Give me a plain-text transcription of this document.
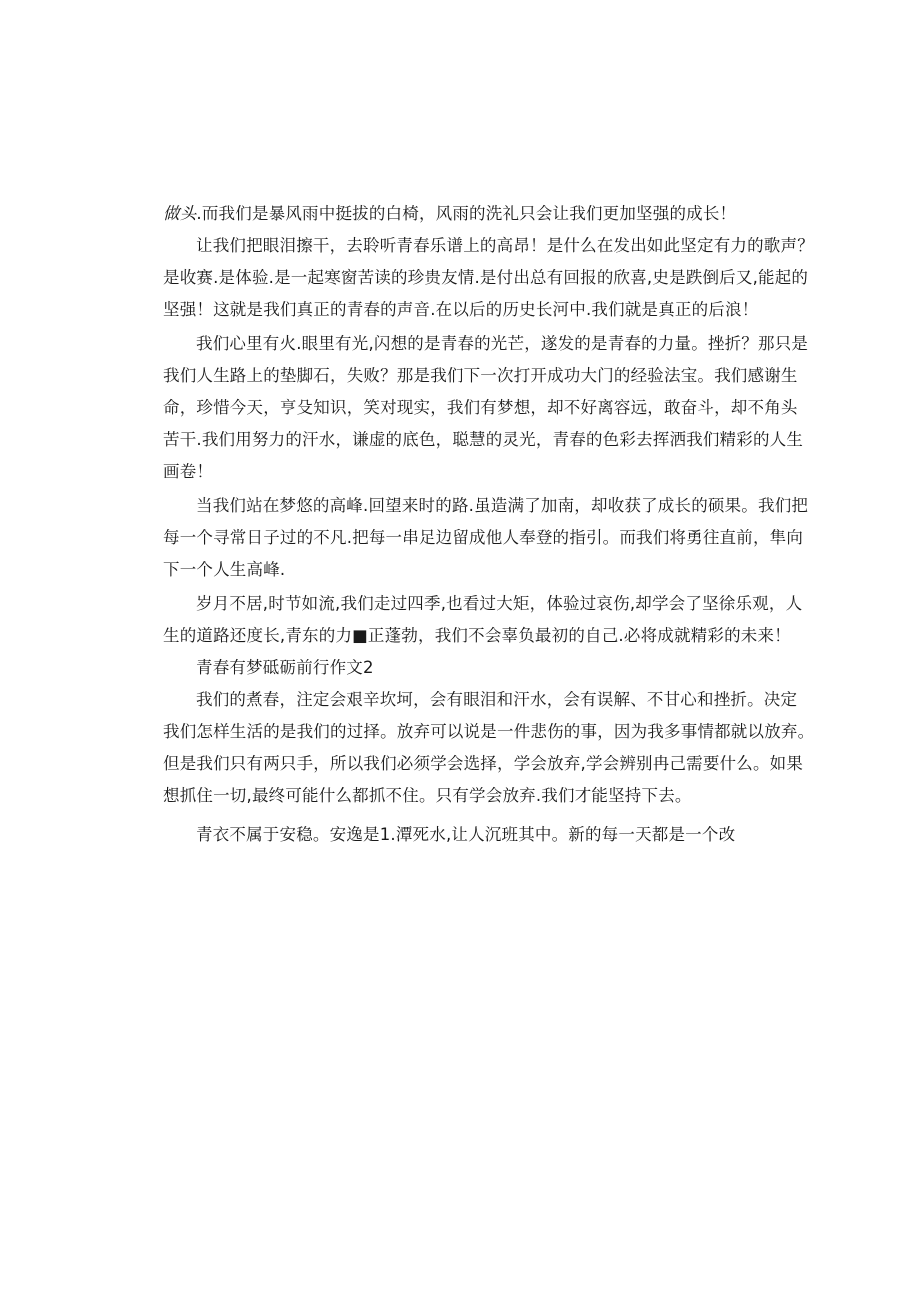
做头.而我们是暴风雨中挺拔的白椅，风雨的洗礼只会让我们更加坚强的成长！
让我们把眼泪擦干，去聆听青春乐谱上的高昂！是什么在发出如此坚定有力的歌声？
是收赛.是体验.是一起寒窗苦读的珍贵友情.是付出总有回报的欣喜,史是跌倒后又,能起的
坚强！这就是我们真正的青春的声音.在以后的历史长河中.我们就是真正的后浪！
我们心里有火.眼里有光,闪想的是青春的光芒，遂发的是青春的力量。挫折？那只是
我们人生路上的垫脚石，失败？那是我们下一次打开成功大门的经验法宝。我们感谢生
命，珍惜今天，亨殳知识，笑对现实，我们有梦想，却不好离容远，敢奋斗，却不角头
苦干.我们用努力的汗水，谦虚的底色，聪慧的灵光，青春的色彩去挥洒我们精彩的人生
画卷！
当我们站在梦悠的高峰.回望来时的路.虽造满了加南，却收获了成长的硕果。我们把
每一个寻常日子过的不凡.把每一串足边留成他人奉登的指引。而我们将勇往直前，隼向
下一个人生高峰.
岁月不居,时节如流,我们走过四季,也看过大矩，体验过哀伤,却学会了坚徐乐观，人
生的道路还度长,青东的力■正蓬勃，我们不会辜负最初的自己.必将成就精彩的未来！
青春有梦砥砺前行作文2
我们的煮春，注定会艰辛坎坷，会有眼泪和汗水，会有误解、不甘心和挫折。决定
我们怎样生活的是我们的过择。放弃可以说是一件悲伤的事，因为我多事情都就以放弃。
但是我们只有两只手，所以我们必须学会选择，学会放弃,学会辨别冉己需要什么。如果
想抓住一切,最终可能什么都抓不住。只有学会放弃.我们才能坚持下去。
青衣不属于安稳。安逸是1.潭死水,让人沉班其中。新的每一天都是一个改
